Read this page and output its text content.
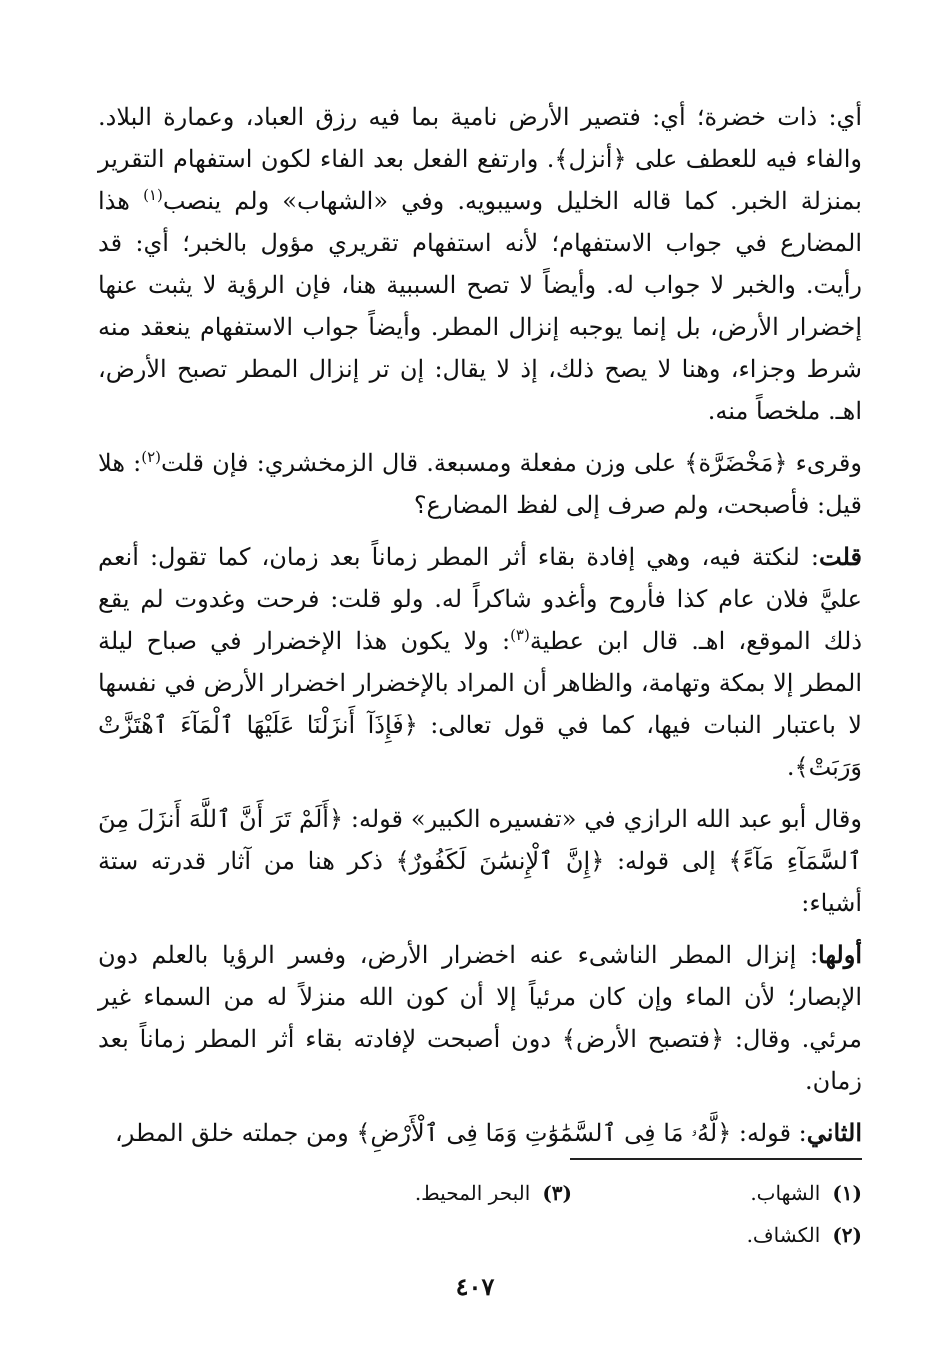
أي: ذات خضرة؛ أي: فتصير الأرض نامية بما فيه رزق العباد، وعمارة البلاد. والفاء فيه للعطف على ﴿أنزل﴾. وارتفع الفعل بعد الفاء لكون استفهام التقرير بمنزلة الخبر. كما قاله الخليل وسيبويه. وفي «الشهاب» ولم ينصب$^{(١)}$ هذا المضارع في جواب الاستفهام؛ لأنه استفهام تقريري مؤول بالخبر؛ أي: قد رأيت. والخبر لا جواب له. وأيضاً لا تصح السببية هنا، فإن الرؤية لا يثبت عنها إخضرار الأرض، بل إنما يوجبه إنزال المطر. وأيضاً جواب الاستفهام ينعقد منه شرط وجزاء، وهنا لا يصح ذلك، إذ لا يقال: إن تر إنزال المطر تصبح الأرض، اهـ. ملخصاً منه.

وقرىء ﴿مَخْضَرَّة﴾ على وزن مفعلة ومسبعة. قال الزمخشري: فإن قلت$^{(٢)}$: هلا قيل: فأصبحت، ولم صرف إلى لفظ المضارع؟

قلت: لنكتة فيه، وهي إفادة بقاء أثر المطر زماناً بعد زمان، كما تقول: أنعم عليَّ فلان عام كذا فأروح وأغدو شاكراً له. ولو قلت: فرحت وغدوت لم يقع ذلك الموقع، اهـ. قال ابن عطية$^{(٣)}$: ولا يكون هذا الإخضرار في صباح ليلة المطر إلا بمكة وتهامة، والظاهر أن المراد بالإخضرار اخضرار الأرض في نفسها لا باعتبار النبات فيها، كما في قول تعالى: ﴿فَإِذَآ أَنزَلْنَا عَلَيْهَا ٱلْمَآءَ ٱهْتَزَّتْ وَرَبَتْ﴾.

وقال أبو عبد الله الرازي في «تفسيره الكبير» قوله: ﴿أَلَمْ تَرَ أَنَّ ٱللَّهَ أَنزَلَ مِنَ ٱلسَّمَآءِ مَآءً﴾ إلى قوله: ﴿إِنَّ ٱلْإِنسَٰنَ لَكَفُورٌ﴾ ذكر هنا من آثار قدرته ستة أشياء:

أولها: إنزال المطر الناشىء عنه اخضرار الأرض، وفسر الرؤيا بالعلم دون الإبصار؛ لأن الماء وإن كان مرئياً إلا أن كون الله منزلاً له من السماء غير مرئي. وقال: ﴿فتصبح الأرض﴾ دون أصبحت لإفادته بقاء أثر المطر زماناً بعد زمان.

الثاني: قوله: ﴿لَّهُۥ مَا فِى ٱلسَّمَٰوَٰتِ وَمَا فِى ٱلْأَرْضِ﴾ ومن جملته خلق المطر،

(١)الشهاب.
(٣)البحر المحيط.
(٢)الكشاف.
٤٠٧
